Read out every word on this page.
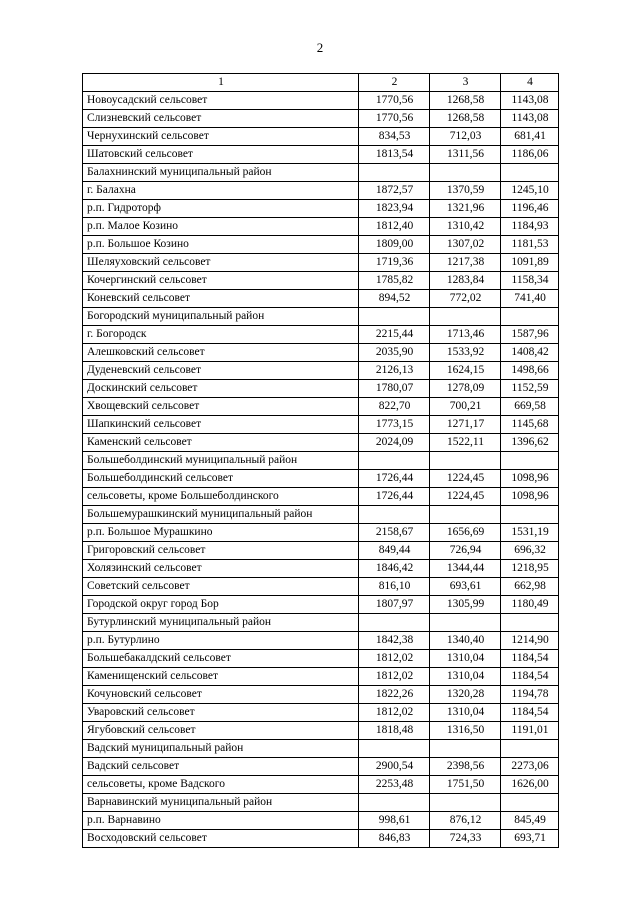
2
1	2	3	4
Новоусадский сельсовет	1770,56	1268,58	1143,08
Слизневский сельсовет	1770,56	1268,58	1143,08
Чернухинский сельсовет	834,53	712,03	681,41
Шатовский сельсовет	1813,54	1311,56	1186,06
Балахнинский муниципальный район			
г. Балахна	1872,57	1370,59	1245,10
р.п. Гидроторф	1823,94	1321,96	1196,46
р.п. Малое Козино	1812,40	1310,42	1184,93
р.п. Большое Козино	1809,00	1307,02	1181,53
Шеляуховский сельсовет	1719,36	1217,38	1091,89
Кочергинский сельсовет	1785,82	1283,84	1158,34
Коневский сельсовет	894,52	772,02	741,40
Богородский муниципальный район			
г. Богородск	2215,44	1713,46	1587,96
Алешковский сельсовет	2035,90	1533,92	1408,42
Дуденевский сельсовет	2126,13	1624,15	1498,66
Доскинский сельсовет	1780,07	1278,09	1152,59
Хвощевский сельсовет	822,70	700,21	669,58
Шапкинский сельсовет	1773,15	1271,17	1145,68
Каменский сельсовет	2024,09	1522,11	1396,62
Большеболдинский муниципальный район			
Большеболдинский сельсовет	1726,44	1224,45	1098,96
сельсоветы, кроме Большеболдинского	1726,44	1224,45	1098,96
Большемурашкинский муниципальный район			
р.п. Большое Мурашкино	2158,67	1656,69	1531,19
Григоровский сельсовет	849,44	726,94	696,32
Холязинский сельсовет	1846,42	1344,44	1218,95
Советский сельсовет	816,10	693,61	662,98
Городской округ город Бор	1807,97	1305,99	1180,49
Бутурлинский муниципальный район			
р.п. Бутурлино	1842,38	1340,40	1214,90
Большебакалдский сельсовет	1812,02	1310,04	1184,54
Каменищенский сельсовет	1812,02	1310,04	1184,54
Кочуновский сельсовет	1822,26	1320,28	1194,78
Уваровский сельсовет	1812,02	1310,04	1184,54
Ягубовский сельсовет	1818,48	1316,50	1191,01
Вадский муниципальный район			
Вадский сельсовет	2900,54	2398,56	2273,06
сельсоветы, кроме Вадского	2253,48	1751,50	1626,00
Варнавинский муниципальный район			
р.п. Варнавино	998,61	876,12	845,49
Восходовский сельсовет	846,83	724,33	693,71
